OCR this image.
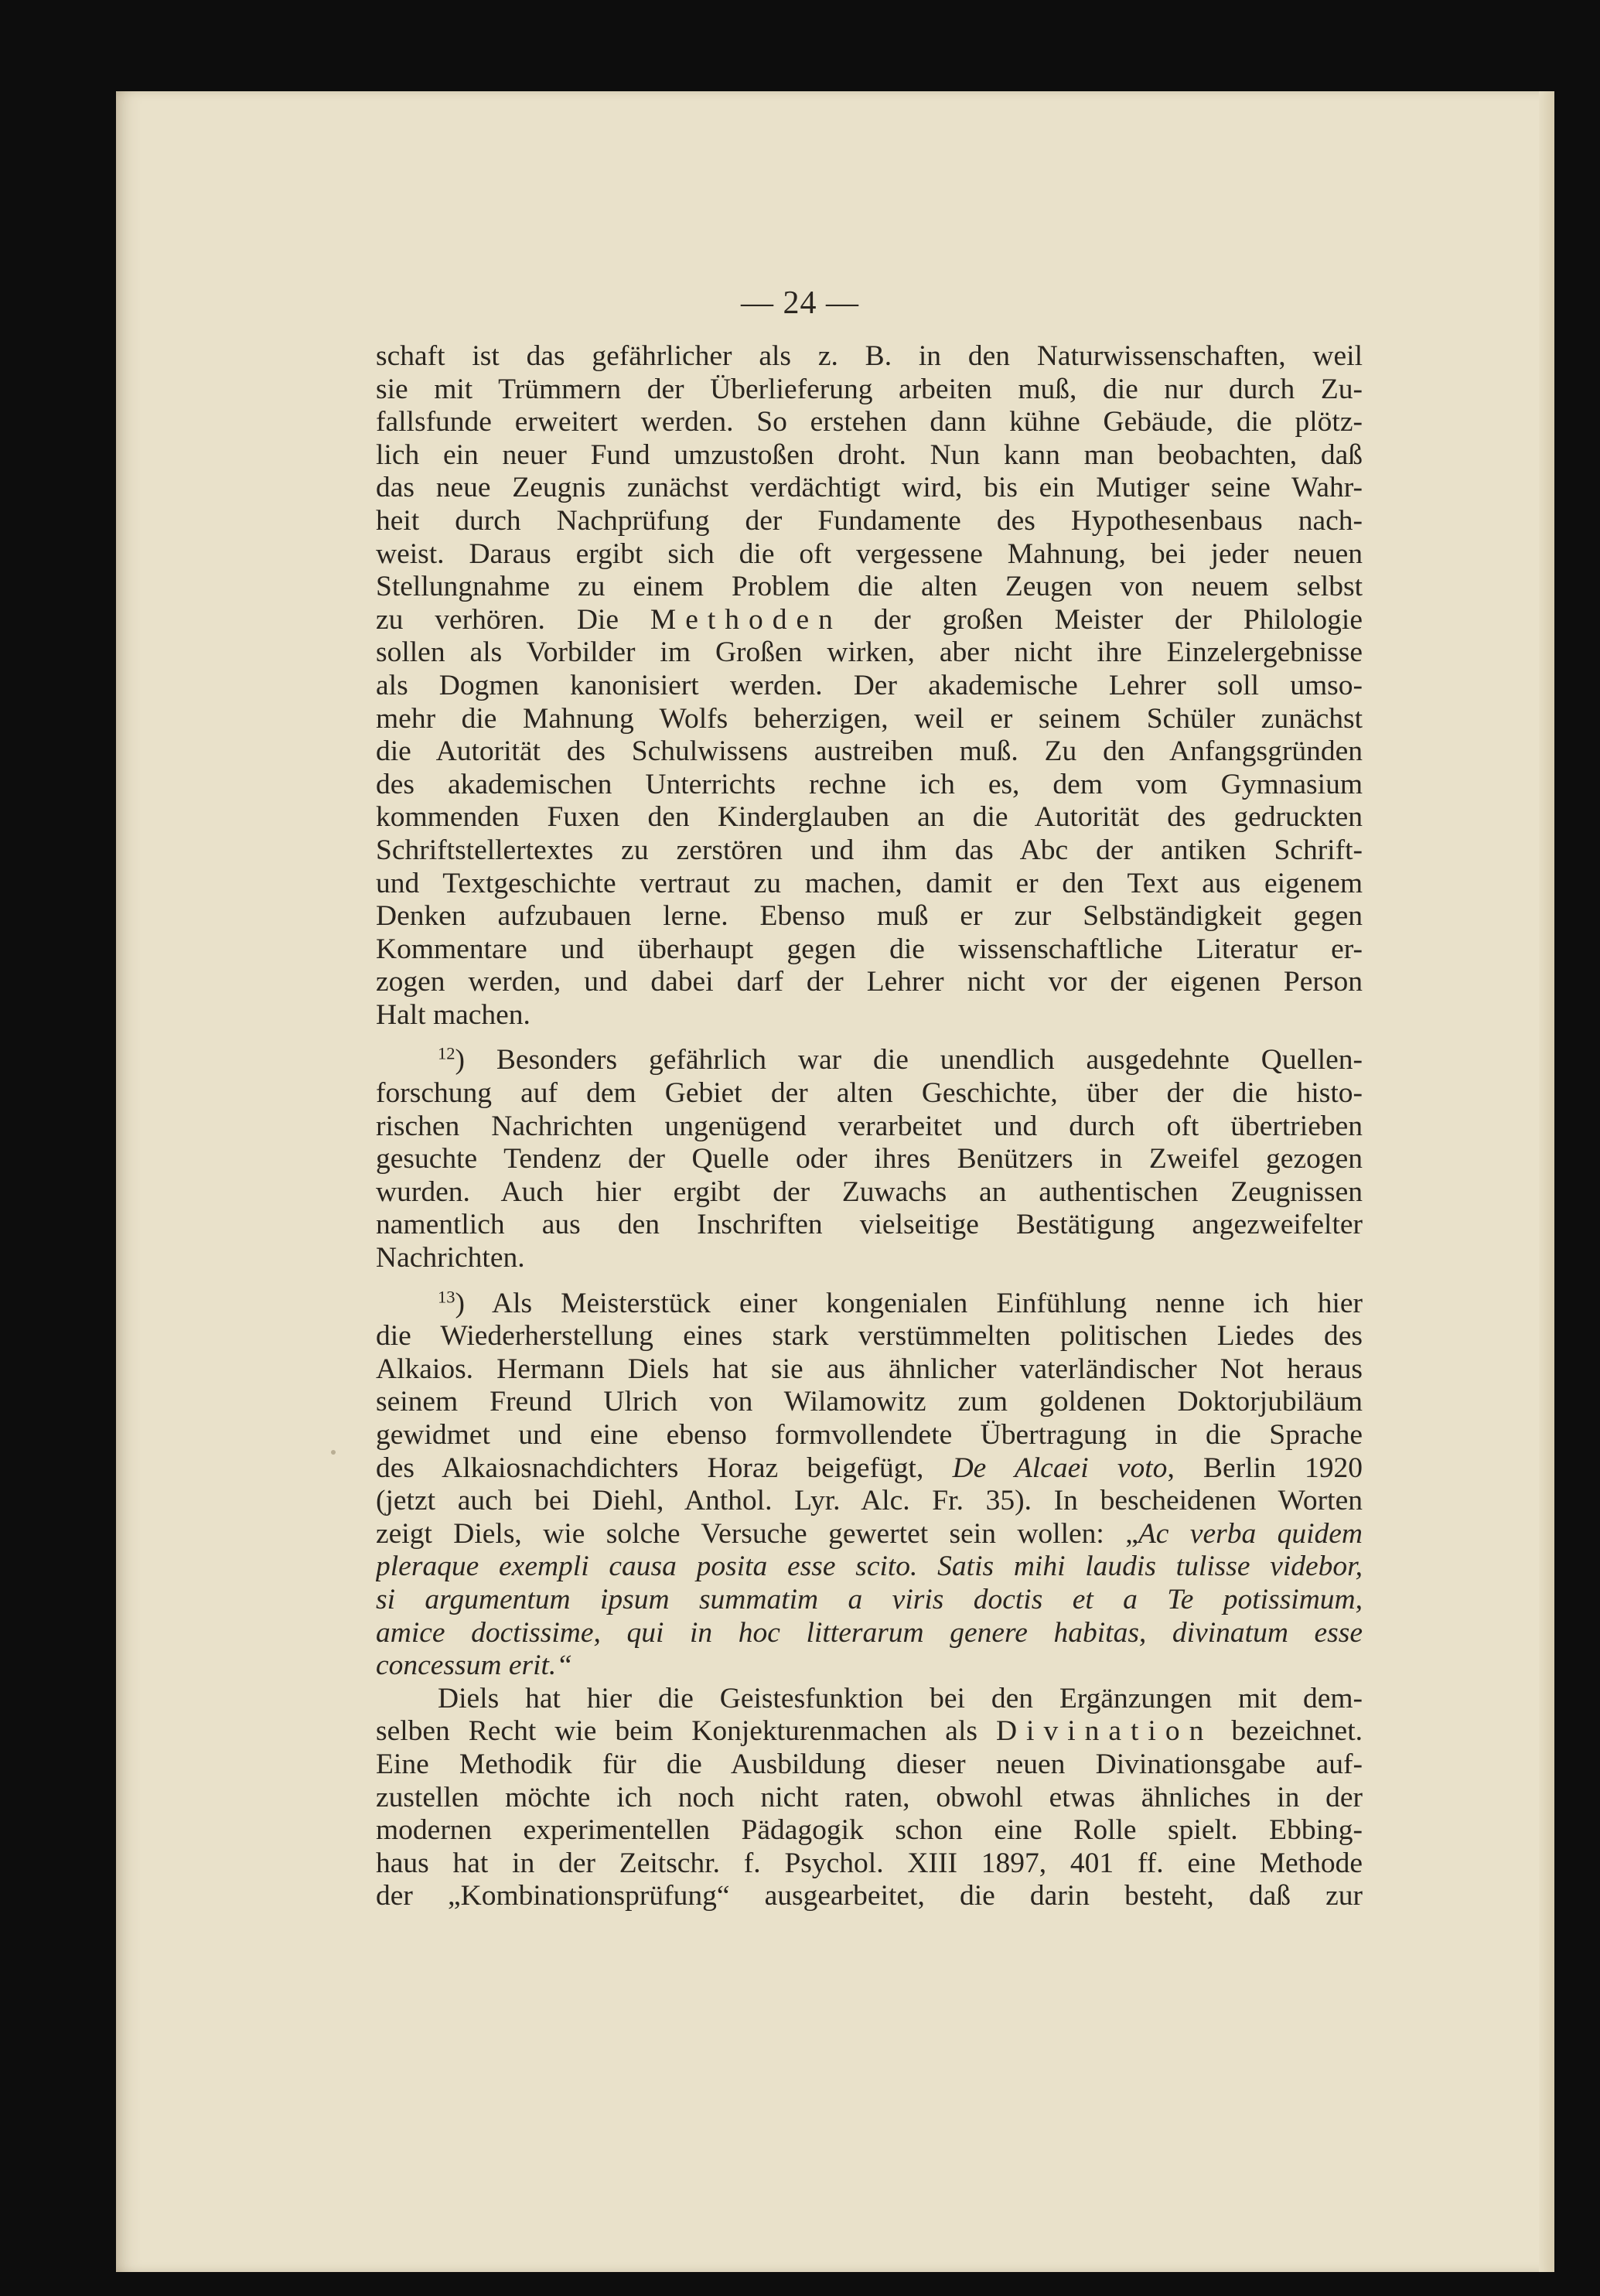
— 24 —

schaft ist das gefährlicher als z. B. in den Naturwissenschaften, weil
sie mit Trümmern der Überlieferung arbeiten muß, die nur durch Zu-
fallsfunde erweitert werden. So erstehen dann kühne Gebäude, die plötz-
lich ein neuer Fund umzustoßen droht. Nun kann man beobachten, daß
das neue Zeugnis zunächst verdächtigt wird, bis ein Mutiger seine Wahr-
heit durch Nachprüfung der Fundamente des Hypothesenbaus nach-
weist. Daraus ergibt sich die oft vergessene Mahnung, bei jeder neuen
Stellungnahme zu einem Problem die alten Zeugen von neuem selbst
zu verhören. Die Methoden der großen Meister der Philologie
sollen als Vorbilder im Großen wirken, aber nicht ihre Einzelergebnisse
als Dogmen kanonisiert werden. Der akademische Lehrer soll umso-
mehr die Mahnung Wolfs beherzigen, weil er seinem Schüler zunächst
die Autorität des Schulwissens austreiben muß. Zu den Anfangsgründen
des akademischen Unterrichts rechne ich es, dem vom Gymnasium
kommenden Fuxen den Kinderglauben an die Autorität des gedruckten
Schriftstellertextes zu zerstören und ihm das Abc der antiken Schrift-
und Textgeschichte vertraut zu machen, damit er den Text aus eigenem
Denken aufzubauen lerne. Ebenso muß er zur Selbständigkeit gegen
Kommentare und überhaupt gegen die wissenschaftliche Literatur er-
zogen werden, und dabei darf der Lehrer nicht vor der eigenen Person
Halt machen.

$^{12}$) Besonders gefährlich war die unendlich ausgedehnte Quellen-
forschung auf dem Gebiet der alten Geschichte, über der die histo-
rischen Nachrichten ungenügend verarbeitet und durch oft übertrieben
gesuchte Tendenz der Quelle oder ihres Benützers in Zweifel gezogen
wurden. Auch hier ergibt der Zuwachs an authentischen Zeugnissen
namentlich aus den Inschriften vielseitige Bestätigung angezweifelter
Nachrichten.

$^{13}$) Als Meisterstück einer kongenialen Einfühlung nenne ich hier
die Wiederherstellung eines stark verstümmelten politischen Liedes des
Alkaios. Hermann Diels hat sie aus ähnlicher vaterländischer Not heraus
seinem Freund Ulrich von Wilamowitz zum goldenen Doktorjubiläum
gewidmet und eine ebenso formvollendete Übertragung in die Sprache
des Alkaiosnachdichters Horaz beigefügt, De Alcaei voto, Berlin 1920
(jetzt auch bei Diehl, Anthol. Lyr. Alc. Fr. 35). In bescheidenen Worten
zeigt Diels, wie solche Versuche gewertet sein wollen: „Ac verba quidem
pleraque exempli causa posita esse scito. Satis mihi laudis tulisse videbor,
si argumentum ipsum summatim a viris doctis et a Te potissimum,
amice doctissime, qui in hoc litterarum genere habitas, divinatum esse
concessum erit.“

Diels hat hier die Geistesfunktion bei den Ergänzungen mit dem-
selben Recht wie beim Konjekturenmachen als Divination bezeichnet.
Eine Methodik für die Ausbildung dieser neuen Divinationsgabe auf-
zustellen möchte ich noch nicht raten, obwohl etwas ähnliches in der
modernen experimentellen Pädagogik schon eine Rolle spielt. Ebbing-
haus hat in der Zeitschr. f. Psychol. XIII 1897, 401 ff. eine Methode
der „Kombinationsprüfung“ ausgearbeitet, die darin besteht, daß zur
